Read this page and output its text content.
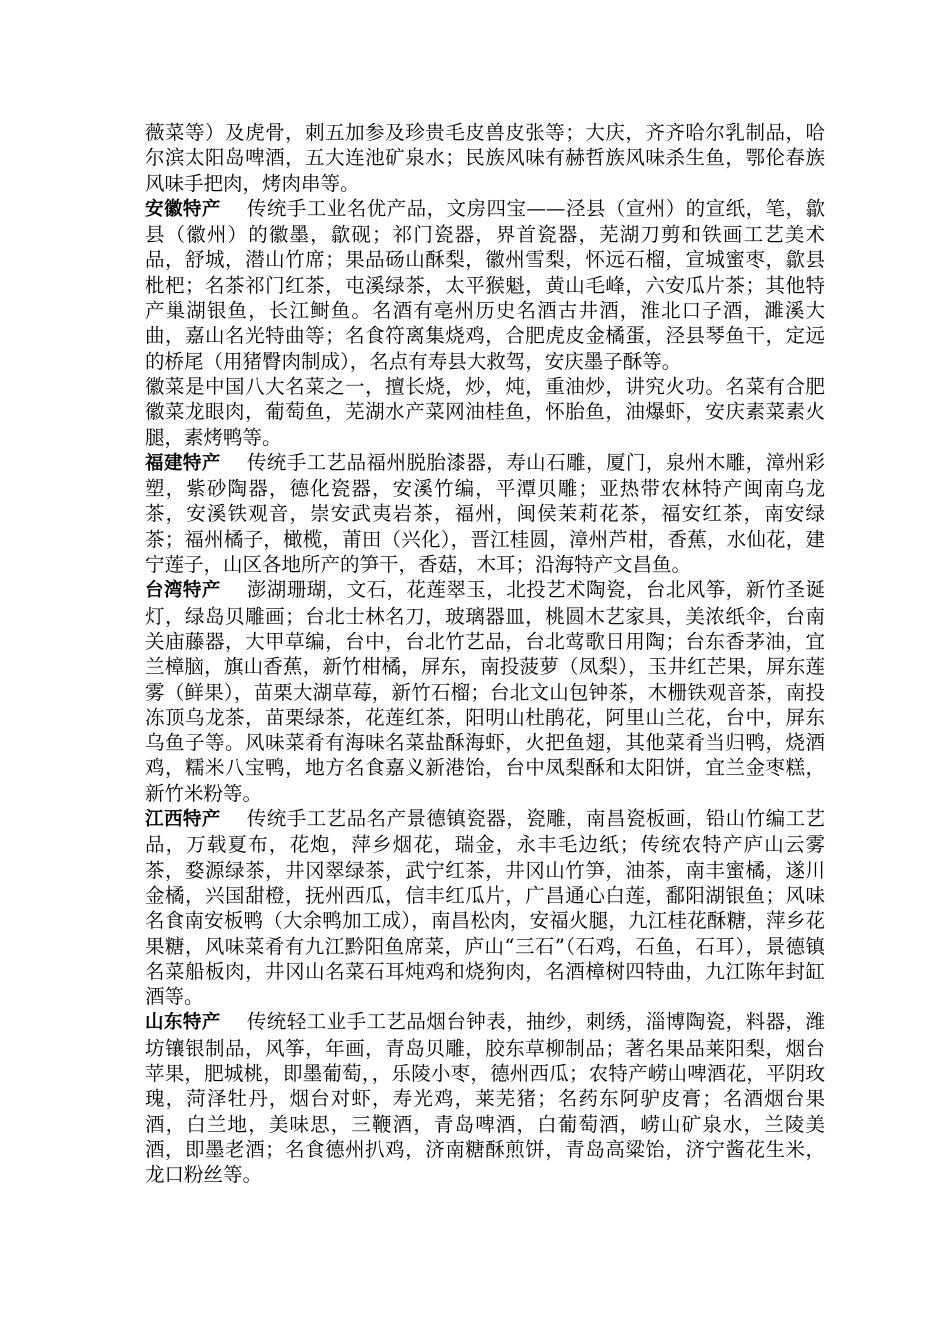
薇菜等）及虎骨，刺五加参及珍贵毛皮兽皮张等；大庆，齐齐哈尔乳制品，哈尔滨太阳岛啤酒，五大连池矿泉水；民族风味有赫哲族风味杀生鱼，鄂伦春族风味手把肉，烤肉串等。

安徽特产 传统手工业名优产品，文房四宝——泾县（宣州）的宣纸，笔，歙县（徽州）的徽墨，歙砚；祁门瓷器，界首瓷器，芜湖刀剪和铁画工艺美术品，舒城，潜山竹席；果品砀山酥梨，徽州雪梨，怀远石榴，宣城蜜枣，歙县枇杷；名茶祁门红茶，屯溪绿茶，太平猴魁，黄山毛峰，六安瓜片茶；其他特产巢湖银鱼，长江鲥鱼。名酒有亳州历史名酒古井酒，淮北口子酒，濉溪大曲，嘉山名光特曲等；名食符离集烧鸡，合肥虎皮金橘蛋，泾县琴鱼干，定远的桥尾（用猪臀肉制成），名点有寿县大救驾，安庆墨子酥等。

徽菜是中国八大名菜之一，擅长烧，炒，炖，重油炒，讲究火功。名菜有合肥徽菜龙眼肉，葡萄鱼，芜湖水产菜网油桂鱼，怀胎鱼，油爆虾，安庆素菜素火腿，素烤鸭等。

福建特产 传统手工艺品福州脱胎漆器，寿山石雕，厦门，泉州木雕，漳州彩塑，紫砂陶器，德化瓷器，安溪竹编，平潭贝雕；亚热带农林特产闽南乌龙茶，安溪铁观音，崇安武夷岩茶，福州，闽侯茉莉花茶，福安红茶，南安绿茶；福州橘子，橄榄，莆田（兴化），晋江桂圆，漳州芦柑，香蕉，水仙花，建宁莲子，山区各地所产的笋干，香菇，木耳；沿海特产文昌鱼。

台湾特产 澎湖珊瑚，文石，花莲翠玉，北投艺术陶瓷，台北风筝，新竹圣诞灯，绿岛贝雕画；台北士林名刀，玻璃器皿，桃圆木艺家具，美浓纸伞，台南关庙藤器，大甲草编，台中，台北竹艺品，台北莺歌日用陶；台东香茅油，宜兰樟脑，旗山香蕉，新竹柑橘，屏东，南投菠萝（凤梨），玉井红芒果，屏东莲雾（鲜果），苗栗大湖草莓，新竹石榴；台北文山包钟茶，木栅铁观音茶，南投冻顶乌龙茶，苗栗绿茶，花莲红茶，阳明山杜鹃花，阿里山兰花，台中，屏东乌鱼子等。风味菜肴有海味名菜盐酥海虾，火把鱼翅，其他菜肴当归鸭，烧酒鸡，糯米八宝鸭，地方名食嘉义新港饴，台中凤梨酥和太阳饼，宜兰金枣糕，新竹米粉等。

江西特产 传统手工艺品名产景德镇瓷器，瓷雕，南昌瓷板画，铅山竹编工艺品，万载夏布，花炮，萍乡烟花，瑞金，永丰毛边纸；传统农特产庐山云雾茶，婺源绿茶，井冈翠绿茶，武宁红茶，井冈山竹笋，油茶，南丰蜜橘，遂川金橘，兴国甜橙，抚州西瓜，信丰红瓜片，广昌通心白莲，鄱阳湖银鱼；风味名食南安板鸭（大余鸭加工成），南昌松肉，安福火腿，九江桂花酥糖，萍乡花果糖，风味菜肴有九江黔阳鱼席菜，庐山“三石”（石鸡，石鱼，石耳），景德镇名菜船板肉，井冈山名菜石耳炖鸡和烧狗肉，名酒樟树四特曲，九江陈年封缸酒等。

山东特产 传统轻工业手工艺品烟台钟表，抽纱，刺绣，淄博陶瓷，料器，潍坊镶银制品，风筝，年画，青岛贝雕，胶东草柳制品；著名果品莱阳梨，烟台苹果，肥城桃，即墨葡萄，，乐陵小枣，德州西瓜；农特产崂山啤酒花，平阴玫瑰，菏泽牡丹，烟台对虾，寿光鸡，莱芜猪；名药东阿驴皮膏；名酒烟台果酒，白兰地，美味思，三鞭酒，青岛啤酒，白葡萄酒，崂山矿泉水，兰陵美酒，即墨老酒；名食德州扒鸡，济南糖酥煎饼，青岛高粱饴，济宁酱花生米，龙口粉丝等。
